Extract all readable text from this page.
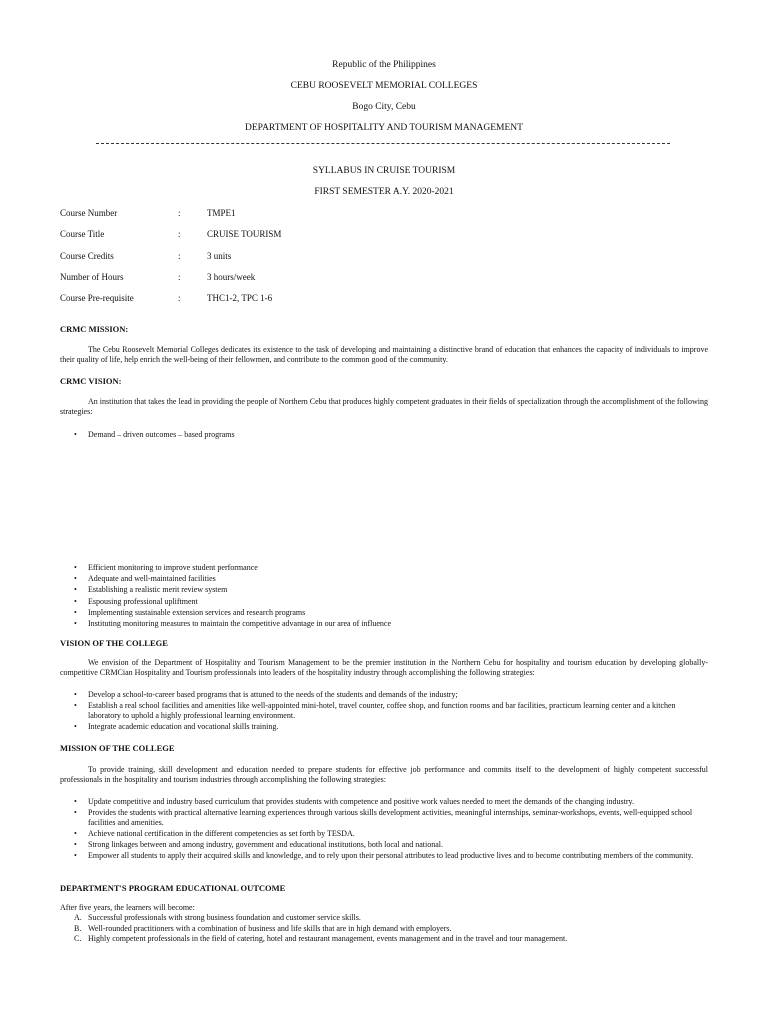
Republic of the Philippines
CEBU ROOSEVELT MEMORIAL COLLEGES
Bogo City, Cebu
DEPARTMENT OF HOSPITALITY AND TOURISM MANAGEMENT
SYLLABUS IN CRUISE TOURISM
FIRST SEMESTER A.Y. 2020-2021
Course Number	:	TMPE1
Course Title	:	CRUISE TOURISM
Course Credits	:	3 units
Number of Hours	:	3 hours/week
Course Pre-requisite	:	THC1-2, TPC 1-6
CRMC MISSION:

The Cebu Roosevelt Memorial Colleges dedicates its existence to the task of developing and maintaining a distinctive brand of education that enhances the capacity of individuals to improve their quality of life, help enrich the well-being of their fellowmen, and contribute to the common good of the community.

CRMC VISION:

An institution that takes the lead in providing the people of Northern Cebu that produces highly competent graduates in their fields of specialization through the accomplishment of the following strategies:

• Demand – driven outcomes – based programs
• Efficient monitoring to improve student performance
• Adequate and well-maintained facilities
• Establishing a realistic merit review system
• Espousing professional upliftment
• Implementing sustainable extension services and research programs
• Instituting monitoring measures to maintain the competitive advantage in our area of influence
VISION OF THE COLLEGE

We envision of the Department of Hospitality and Tourism Management to be the premier institution in the Northern Cebu for hospitality and tourism education by developing globally-competitive CRMCian Hospitality and Tourism professionals into leaders of the hospitality industry through accomplishing the following strategies:

• Develop a school-to-career based programs that is attuned to the needs of the students and demands of the industry;
• Establish a real school facilities and amenities like well-appointed mini-hotel, travel counter, coffee shop, and function rooms and bar facilities, practicum learning center and a kitchen laboratory to uphold a highly professional learning environment.
• Integrate academic education and vocational skills training.
MISSION OF THE COLLEGE

To provide training, skill development and education needed to prepare students for effective job performance and commits itself to the development of highly competent successful professionals in the hospitality and tourism industries through accomplishing the following strategies:

• Update competitive and industry based curriculum that provides students with competence and positive work values needed to meet the demands of the changing industry.
• Provides the students with practical alternative learning experiences through various skills development activities, meaningful internships, seminar-workshops, events, well-equipped school facilities and amenities.
• Achieve national certification in the different competencies as set forth by TESDA.
• Strong linkages between and among industry, government and educational institutions, both local and national.
• Empower all students to apply their acquired skills and knowledge, and to rely upon their personal attributes to lead productive lives and to become contributing members of the community.
DEPARTMENT'S PROGRAM EDUCATIONAL OUTCOME
After five years, the learners will become:
A. Successful professionals with strong business foundation and customer service skills.
B. Well-rounded practitioners with a combination of business and life skills that are in high demand with employers.
C. Highly competent professionals in the field of catering, hotel and restaurant management, events management and in the travel and tour management.
